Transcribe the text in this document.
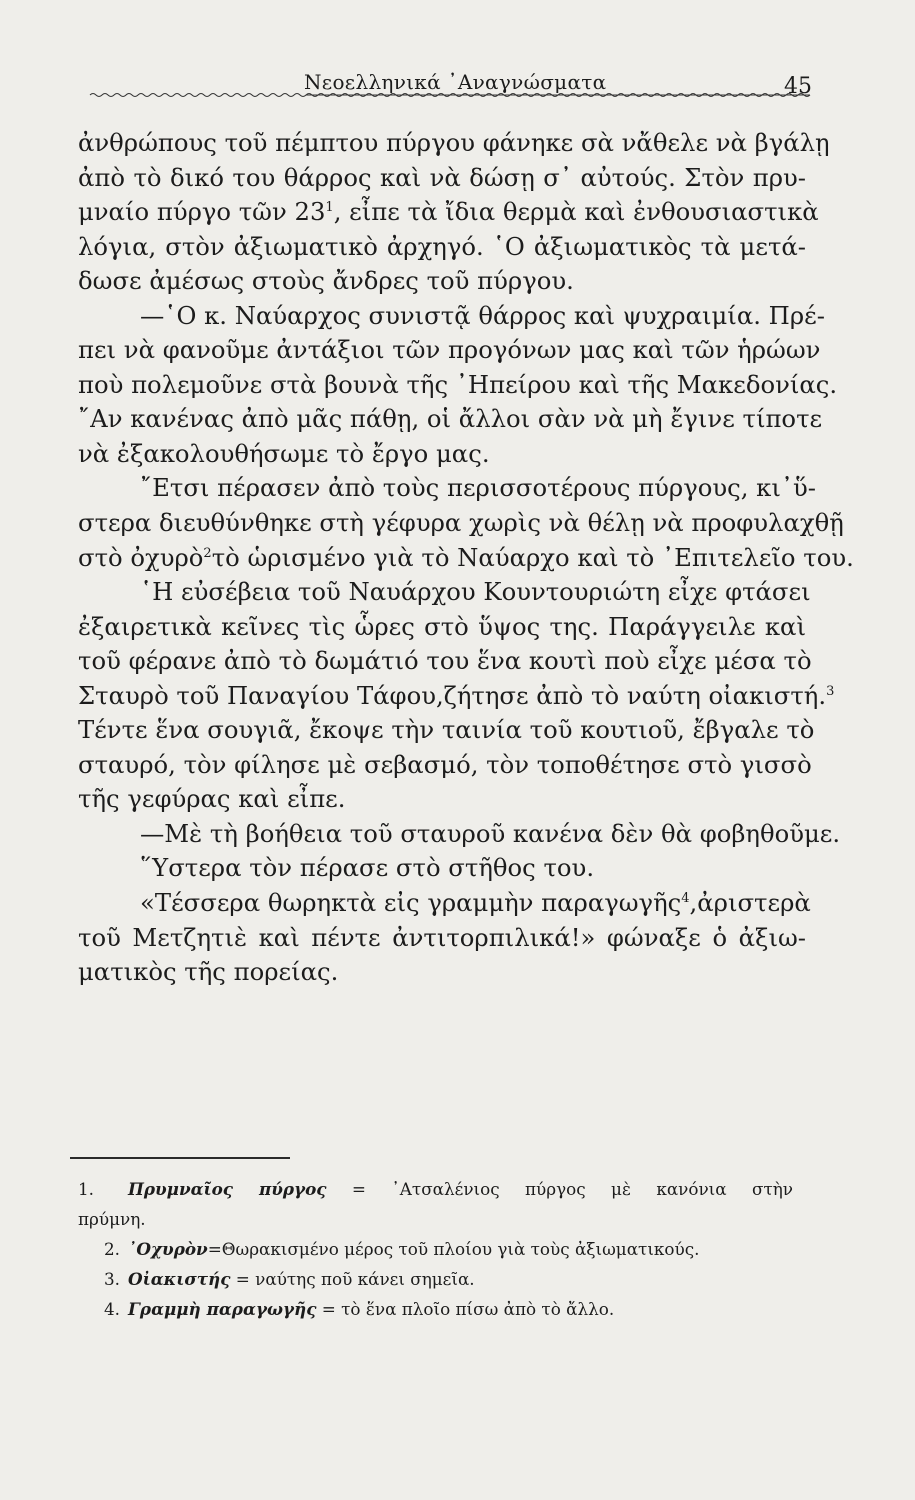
Νεοελληνικά ᾿Αναγνώσματα	45
ἀνθρώπους τοῦ πέμπτου πύργου φάνηκε σὰ νἄθελε νὰ βγάλῃ
ἀπὸ τὸ δικό του θάρρος καὶ νὰ δώσῃ σ᾿ αὐτούς. Στὸν πρυ-
μναίο πύργο τῶν $23^1$, εἶπε τὰ ἴδια θερμὰ καὶ ἐνθουσιαστικὰ
λόγια, στὸν ἀξιωματικὸ ἀρχηγό. ῾Ο ἀξιωματικὸς τὰ μετά-
δωσε ἀμέσως στοὺς ἄνδρες τοῦ πύργου.
—῾Ο κ. Ναύαρχος συνιστᾷ θάρρος καὶ ψυχραιμία. Πρέ-
πει νὰ φανοῦμε ἀντάξιοι τῶν προγόνων μας καὶ τῶν ἡρώων
ποὺ πολεμοῦνε στὰ βουνὰ τῆς ᾿Ηπείρου καὶ τῆς Μακεδονίας.
῎Αν κανένας ἀπὸ μᾶς πάθῃ, οἱ ἄλλοι σὰν νὰ μὴ ἔγινε τίποτε
νὰ ἐξακολουθήσωμε τὸ ἔργο μας.
῎Ετσι πέρασεν ἀπὸ τοὺς περισσοτέρους πύργους, κι᾿ὕ-
στερα διευθύνθηκε στὴ γέφυρα χωρὶς νὰ θέλῃ νὰ προφυλαχθῇ
στὸ ὀχυρὸ$^2$τὸ ὡρισμένο γιὰ τὸ Ναύαρχο καὶ τὸ ᾿Επιτελεῖο του.
῾Η εὐσέβεια τοῦ Ναυάρχου Κουντουριώτη εἶχε φτάσει
ἐξαιρετικὰ κεῖνες τὶς ὧρες στὸ ὕψος της. Παράγγειλε καὶ
τοῦ φέρανε ἀπὸ τὸ δωμάτιό του ἕνα κουτὶ ποὺ εἶχε μέσα τὸ
Σταυρὸ τοῦ Παναγίου Τάφου,ζήτησε ἀπὸ τὸ ναύτη οἰακιστή.$^3$
Τέντε ἕνα σουγιᾶ, ἔκοψε τὴν ταινία τοῦ κουτιοῦ, ἔβγαλε τὸ
σταυρό, τὸν φίλησε μὲ σεβασμό, τὸν τοποθέτησε στὸ γισσὸ
τῆς γεφύρας καὶ εἶπε.
—Μὲ τὴ βοήθεια τοῦ σταυροῦ κανένα δὲν θὰ φοβηθοῦμε.
῞Υστερα τὸν πέρασε στὸ στῆθος του.
«Τέσσερα θωρηκτὰ εἰς γραμμὴν παραγωγῆς$^4$,ἀριστερὰ
τοῦ Μετζητιὲ καὶ πέντε ἀντιτορπιλικά!» φώναξε ὁ ἀξιω-
ματικὸς τῆς πορείας.
1. Πρυμναῖος πύργος = ᾿Ατσαλένιος πύργος μὲ κανόνια στὴν
πρύμνη.
2. ᾿Οχυρὸν=Θωρακισμένο μέρος τοῦ πλοίου γιὰ τοὺς ἀξιωματικούς.
3. Οἰακιστής = ναύτης ποῦ κάνει σημεῖα.
4. Γραμμὴ παραγωγῆς = τὸ ἕνα πλοῖο πίσω ἀπὸ τὸ ἄλλο.
